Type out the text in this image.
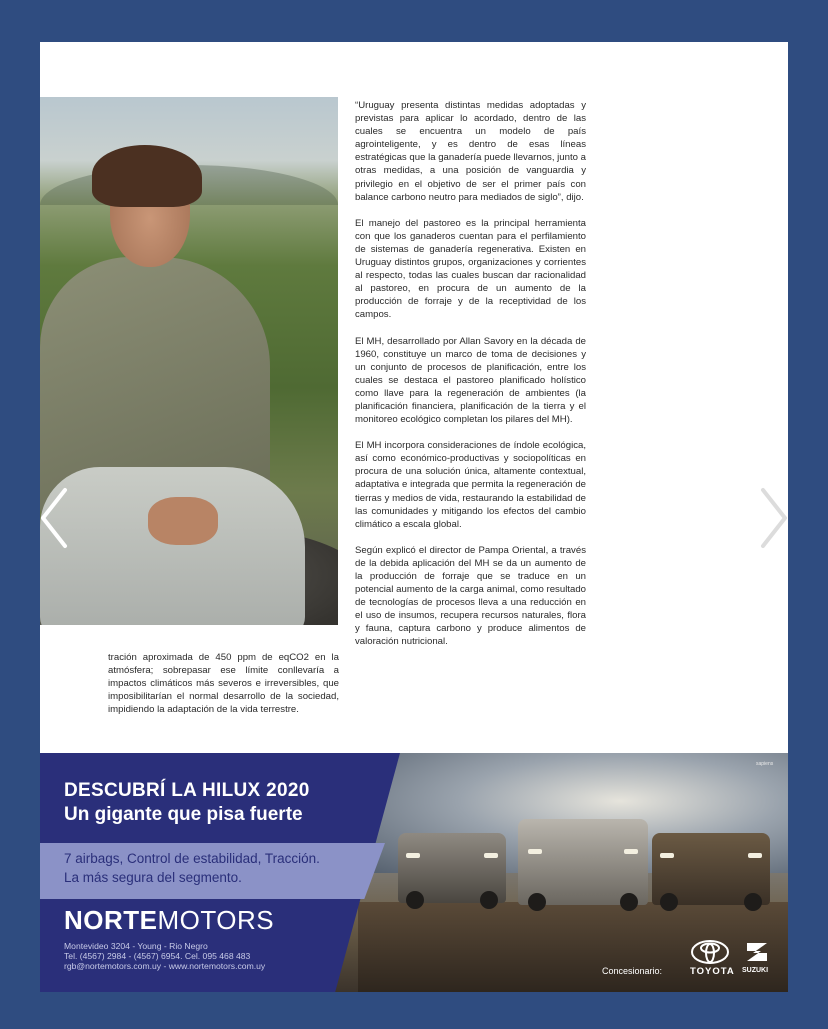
“Uruguay presenta distintas medidas adoptadas y previstas para aplicar lo acordado, dentro de las cuales se encuentra un modelo de país agrointeligente, y es dentro de esas líneas estratégicas que la ganadería puede llevarnos, junto a otras medidas, a una posición de vanguardia y privilegio en el objetivo de ser el primer país con balance carbono neutro para mediados de siglo”, dijo.

El manejo del pastoreo es la principal herramienta con que los ganaderos cuentan para el perfilamiento de sistemas de ganadería regenerativa. Existen en Uruguay distintos grupos, organizaciones y corrientes al respecto, todas las cuales buscan dar racionalidad al pastoreo, en procura de un aumento de la producción de forraje y de la receptividad de los campos.

El MH, desarrollado por Allan Savory en la década de 1960, constituye un marco de toma de decisiones y un conjunto de procesos de planificación, entre los cuales se destaca el pastoreo planificado holístico como llave para la regeneración de ambientes (la planificación financiera, planificación de la tierra y el monitoreo ecológico completan los pilares del MH).

El MH incorpora consideraciones de índole ecológica, así como económico-productivas y sociopolíticas en procura de una solución única, altamente contextual, adaptativa e integrada que permita la regeneración de tierras y medios de vida, restaurando la estabilidad de las comunidades y mitigando los efectos del cambio climático a escala global.

Según explicó el director de Pampa Oriental, a través de la debida aplicación del MH se da un aumento de la producción de forraje que se traduce en un potencial aumento de la carga animal, como resultado de tecnologías de procesos lleva a una reducción en el uso de insumos, recupera recursos naturales, flora y fauna, captura carbono y produce alimentos de valoración nutricional.

tración aproximada de 450 ppm de eqCO2 en la atmósfera; sobrepasar ese límite conllevaría a impactos climáticos más severos e irreversibles, que imposibilitarían el normal desarrollo de la sociedad, impidiendo la adaptación de la vida terrestre.

DESCUBRÍ LA HILUX 2020
Un gigante que pisa fuerte
7 airbags, Control de estabilidad, Tracción.
La más segura del segmento.
NORTEMOTORS
Montevideo 3204 - Young - Rio Negro
Tel. (4567) 2984 - (4567) 6954. Cel. 095 468 483
rgb@nortemotors.com.uy - www.nortemotors.com.uy
sapiens
Concesionario:	TOYOTA SUZUKI
